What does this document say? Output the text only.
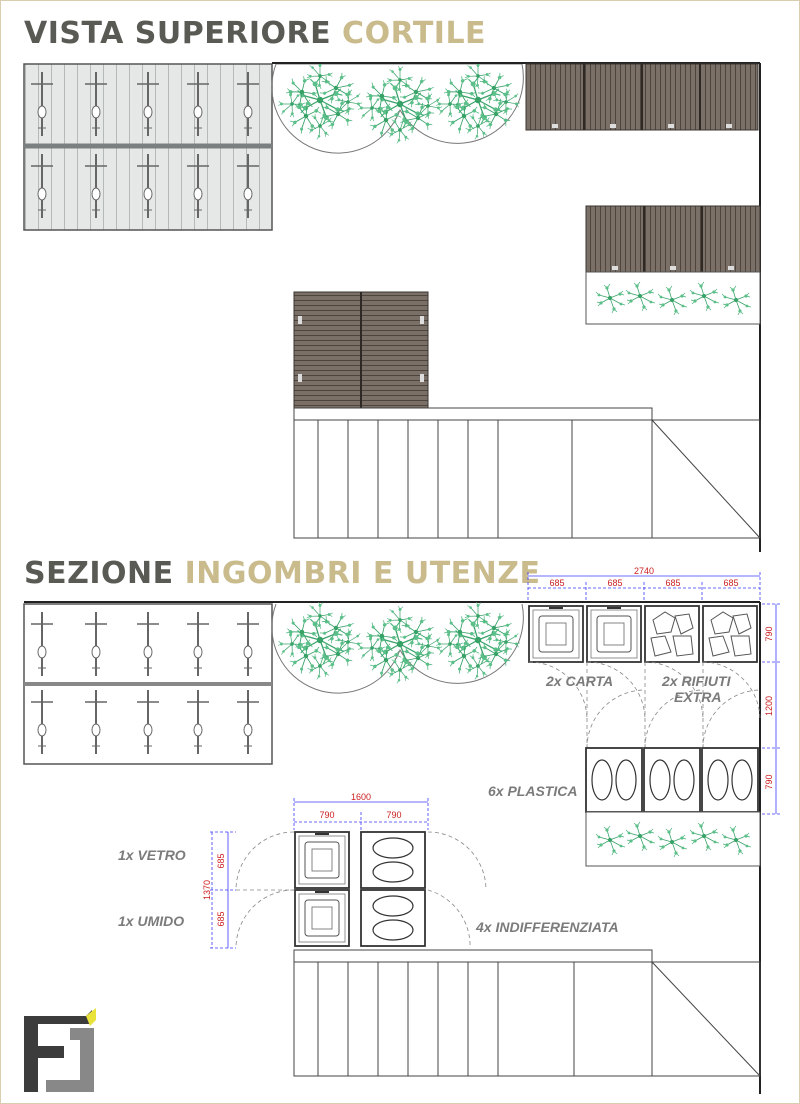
VISTA SUPERIORE CORTILE
SEZIONE INGOMBRI E UTENZE	2740
685	685	685	685
2x CARTA	2x RIFIUTI
EXTRA
790
1200
790
6x PLASTICA
1600
790	790
1370
685
685
1x VETRO
1x UMIDO	4x INDIFFERENZIATA
